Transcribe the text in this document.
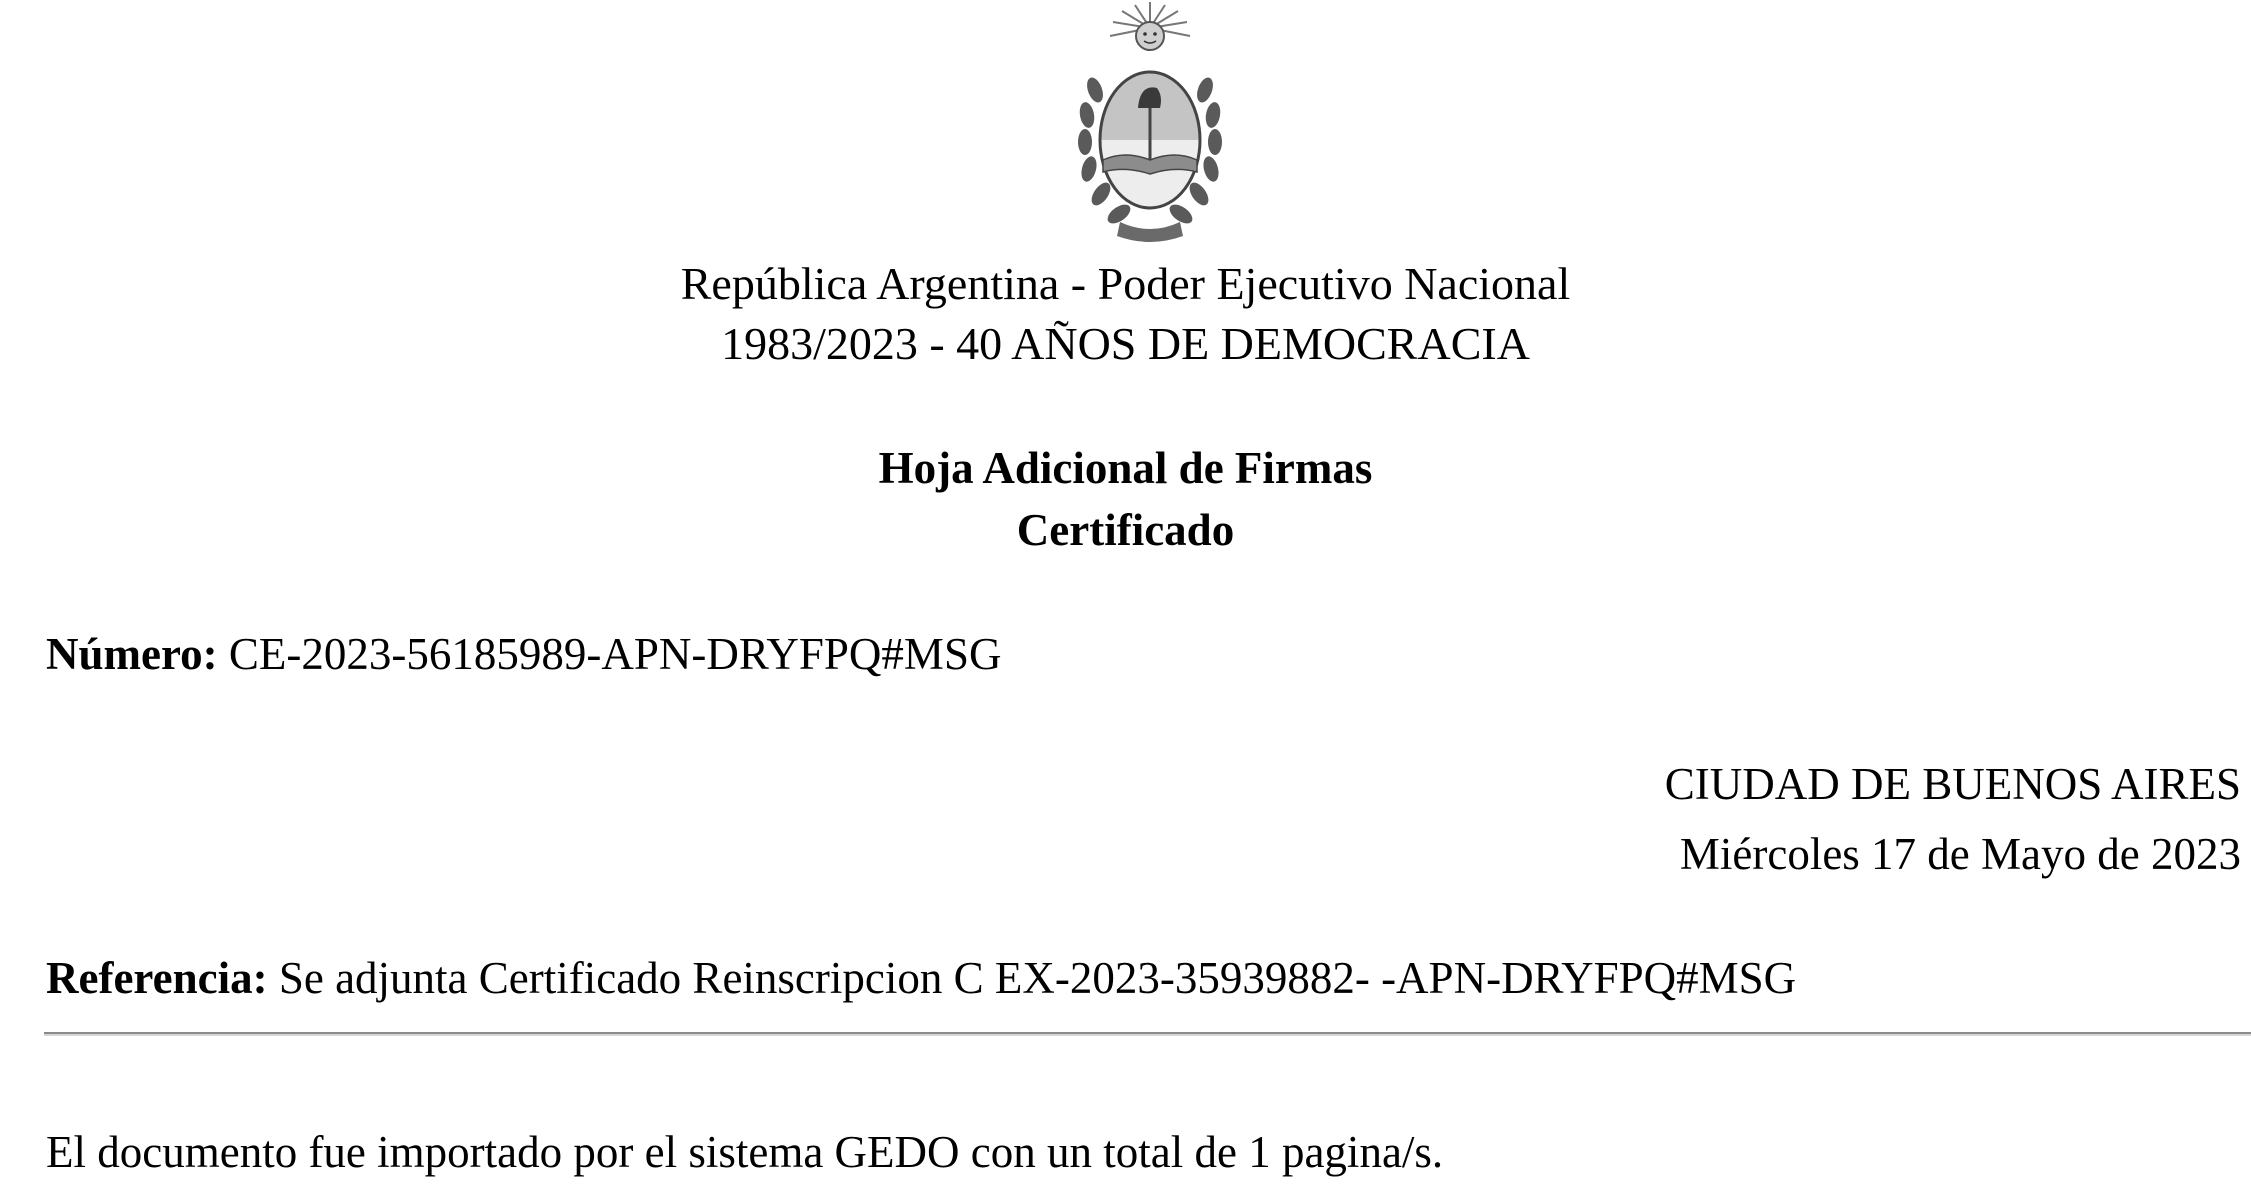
República Argentina - Poder Ejecutivo Nacional
1983/2023 - 40 AÑOS DE DEMOCRACIA
Hoja Adicional de Firmas
Certificado
Número: CE-2023-56185989-APN-DRYFPQ#MSG
CIUDAD DE BUENOS AIRES
Miércoles 17 de Mayo de 2023
Referencia: Se adjunta Certificado Reinscripcion C EX-2023-35939882- -APN-DRYFPQ#MSG
El documento fue importado por el sistema GEDO con un total de 1 pagina/s.
